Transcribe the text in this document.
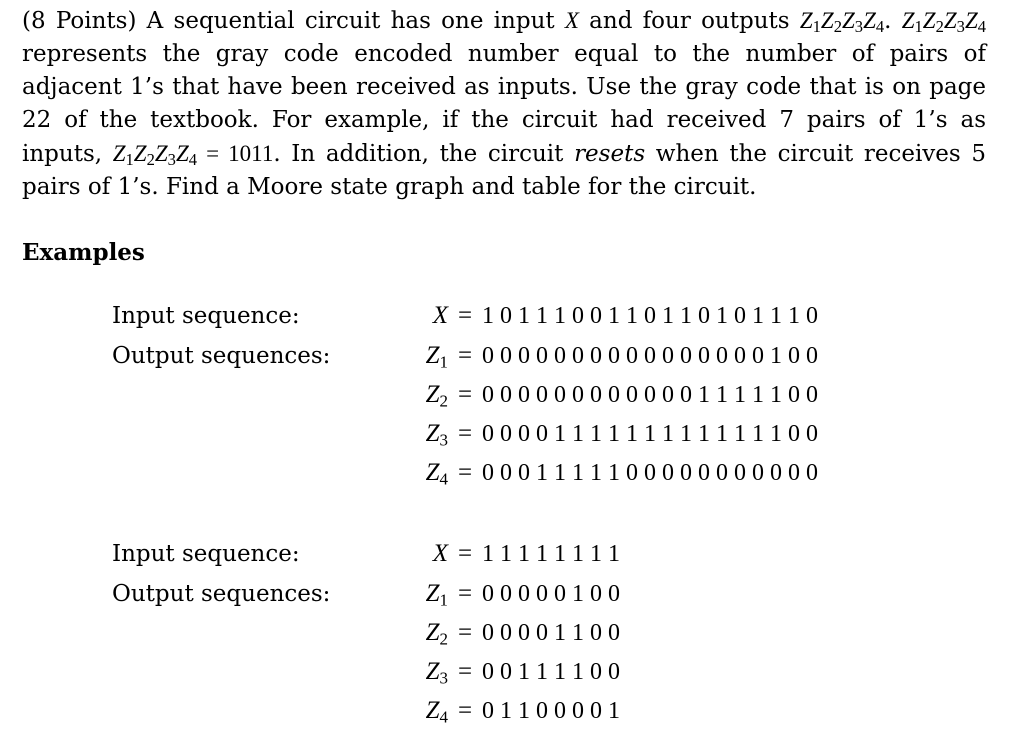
(8 Points) A sequential circuit has one input X and four outputs $Z_1Z_2Z_3Z_4$. $Z_1Z_2Z_3Z_4$ represents the gray code encoded number equal to the number of pairs of adjacent 1’s that have been received as inputs. Use the gray code that is on page 22 of the textbook. For example, if the circuit had received 7 pairs of 1’s as inputs, $Z_1Z_2Z_3Z_4 = 1011$. In addition, the circuit resets when the circuit receives 5 pairs of 1’s. Find a Moore state graph and table for the circuit.

Examples
Input sequence:
Output sequences:
X = 1 0 1 1 1 0 0 1 1 0 1 1 0 1 0 1 1 1 0
$Z_1 = 0$ 0 0 0 0 0 0 0 0 0 0 0 0 0 0 0 1 0 0
$Z_2 = 0$ 0 0 0 0 0 0 0 0 0 0 0 1 1 1 1 1 0 0
$Z_3 = 0$ 0 0 0 1 1 1 1 1 1 1 1 1 1 1 1 1 0 0
$Z_4 = 0$ 0 0 1 1 1 1 1 0 0 0 0 0 0 0 0 0 0 0
Input sequence:
Output sequences:
X = 1 1 1 1 1 1 1 1
$Z_1 = 0$ 0 0 0 0 1 0 0
$Z_2 = 0$ 0 0 0 1 1 0 0
$Z_3 = 0$ 0 1 1 1 1 0 0
$Z_4 = 0$ 1 1 0 0 0 0 1
